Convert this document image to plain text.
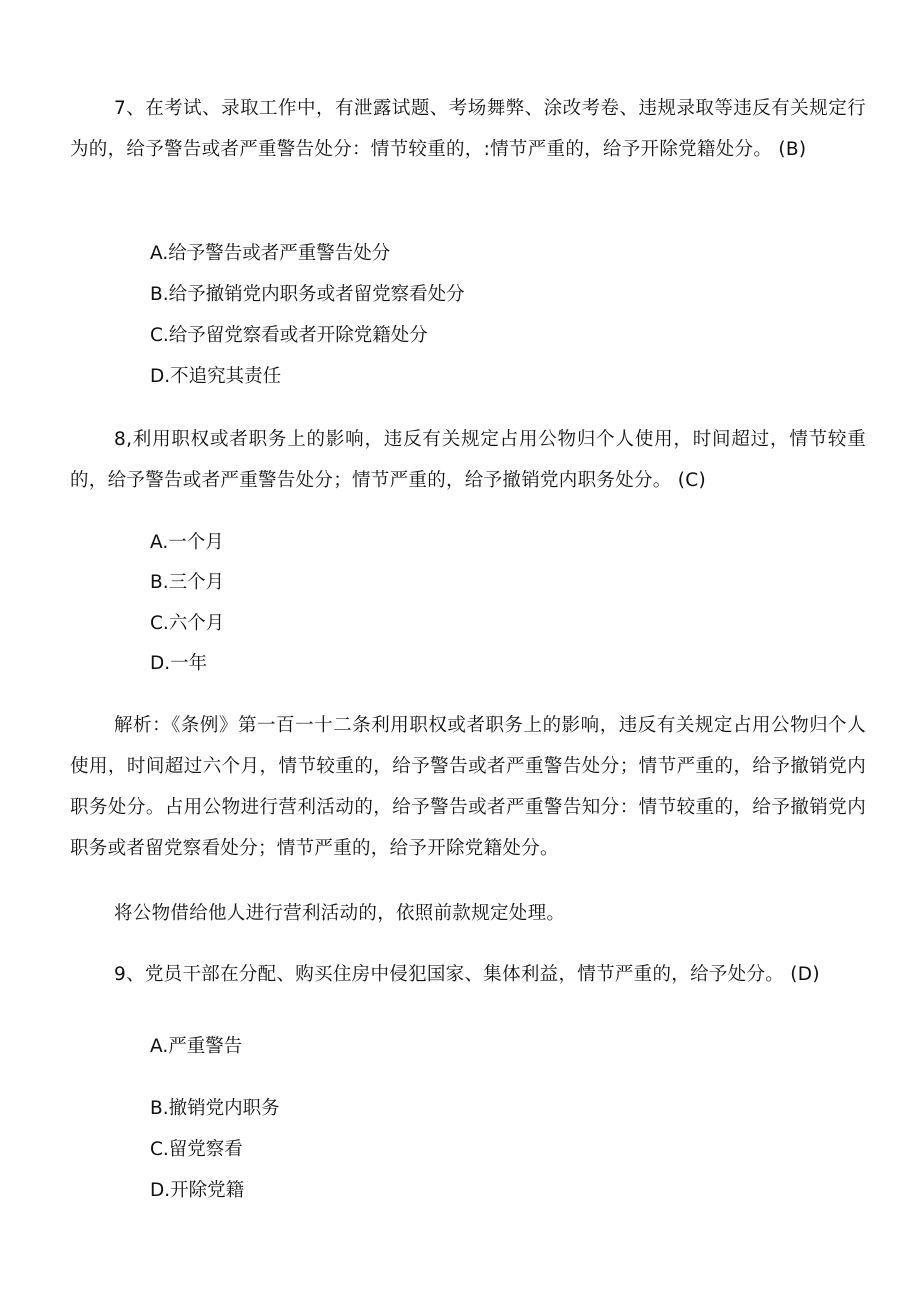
7、在考试、录取工作中，有泄露试题、考场舞弊、涂改考卷、违规录取等违反有关规定行为的，给予警告或者严重警告处分：情节较重的，:情节严重的，给予开除党籍处分。 (B)
A.给予警告或者严重警告处分
B.给予撤销党内职务或者留党察看处分
C.给予留党察看或者开除党籍处分
D.不追究其责任
8,利用职权或者职务上的影响，违反有关规定占用公物归个人使用，时间超过，情节较重的，给予警告或者严重警告处分；情节严重的，给予撤销党内职务处分。 (C)
A.一个月
B.三个月
C.六个月
D.一年
解析：《条例》第一百一十二条利用职权或者职务上的影响，违反有关规定占用公物归个人使用，时间超过六个月，情节较重的，给予警告或者严重警告处分；情节严重的，给予撤销党内职务处分。占用公物进行营利活动的，给予警告或者严重警告知分：情节较重的，给予撤销党内职务或者留党察看处分；情节严重的，给予开除党籍处分。
将公物借给他人进行营利活动的，依照前款规定处理。
9、党员干部在分配、购买住房中侵犯国家、集体利益，情节严重的，给予处分。 (D)
A.严重警告
B.撤销党内职务
C.留党察看
D.开除党籍
